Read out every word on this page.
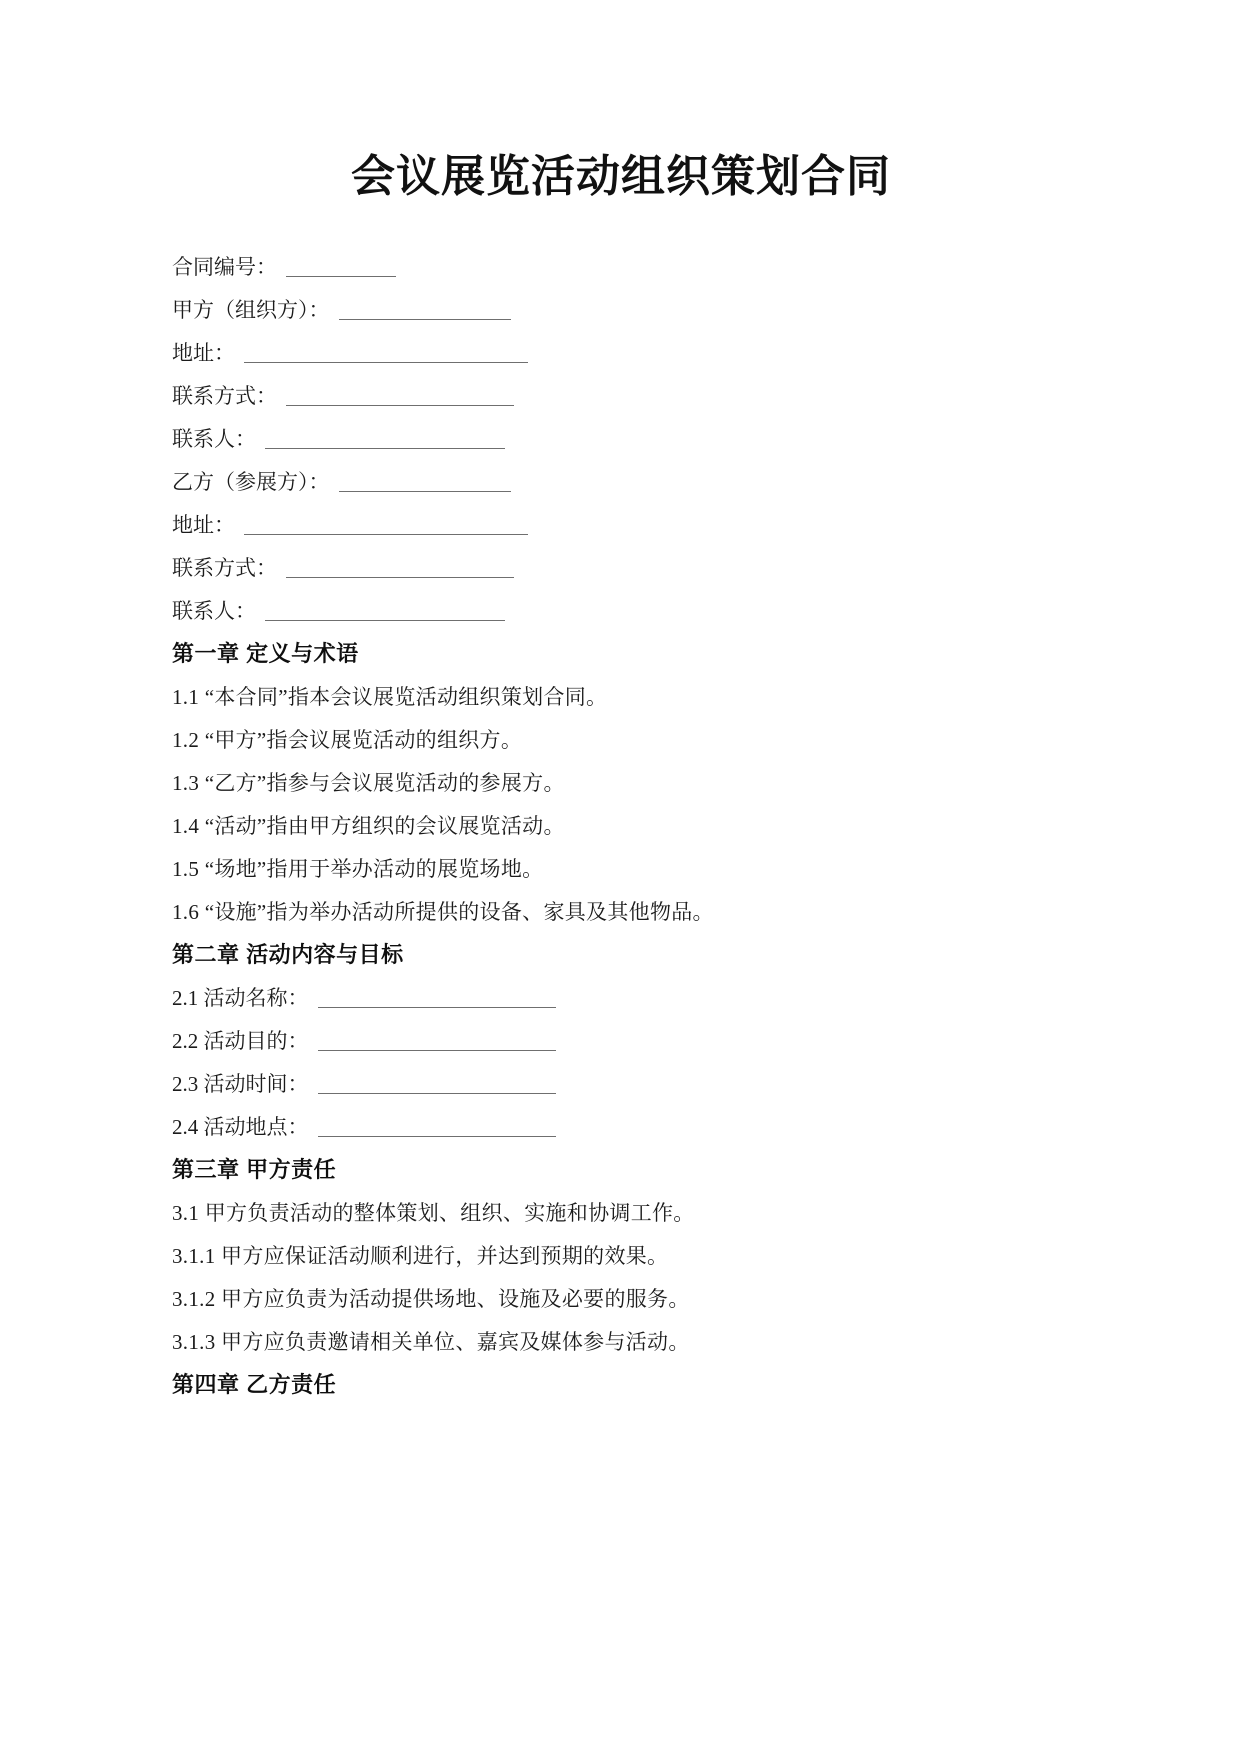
会议展览活动组织策划合同
合同编号：
甲方（组织方）：
地址：
联系方式：
联系人：
乙方（参展方）：
地址：
联系方式：
联系人：
第一章 定义与术语

1.1 “本合同”指本会议展览活动组织策划合同。

1.2 “甲方”指会议展览活动的组织方。

1.3 “乙方”指参与会议展览活动的参展方。

1.4 “活动”指由甲方组织的会议展览活动。

1.5 “场地”指用于举办活动的展览场地。

1.6 “设施”指为举办活动所提供的设备、家具及其他物品。

第二章 活动内容与目标
2.1 活动名称：
2.2 活动目的：
2.3 活动时间：
2.4 活动地点：
第三章 甲方责任

3.1 甲方负责活动的整体策划、组织、实施和协调工作。

3.1.1 甲方应保证活动顺利进行，并达到预期的效果。

3.1.2 甲方应负责为活动提供场地、设施及必要的服务。

3.1.3 甲方应负责邀请相关单位、嘉宾及媒体参与活动。

第四章 乙方责任
